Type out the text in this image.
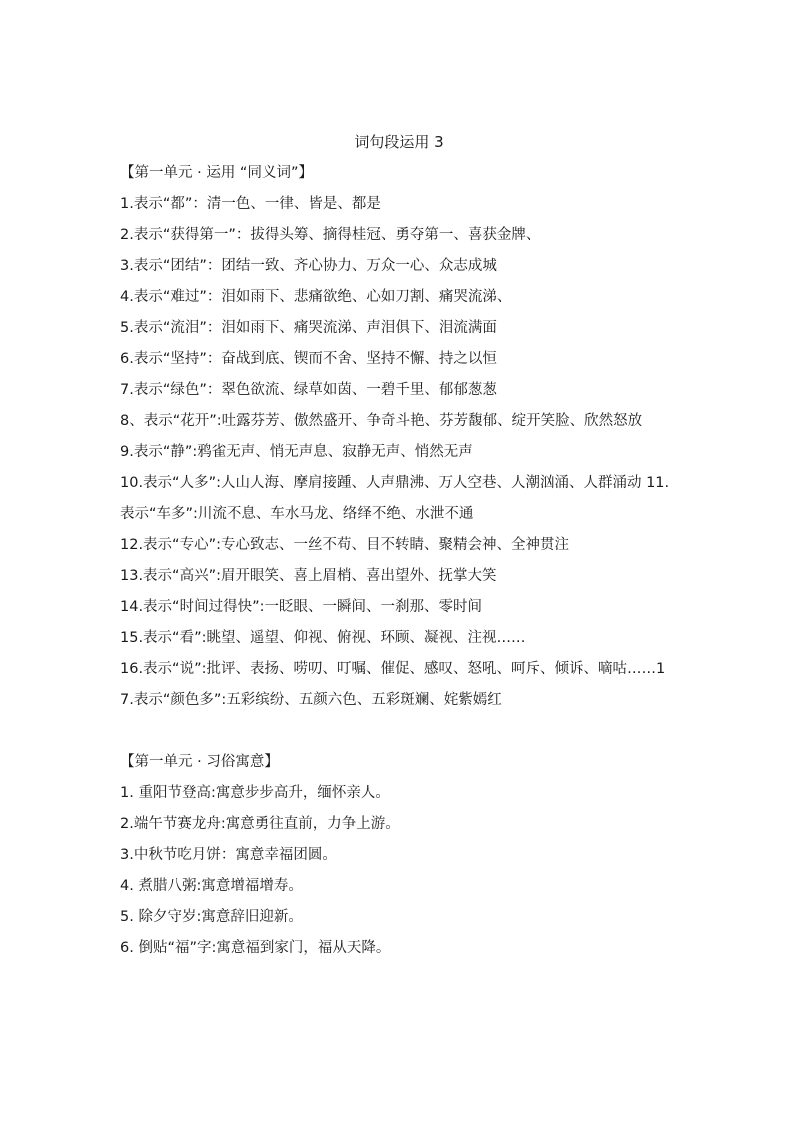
词句段运用 3
【第一单元 · 运用 “同义词”】
1.表示“都”：清一色、一律、皆是、都是
2.表示“获得第一”：拔得头筹、摘得桂冠、勇夺第一、喜获金牌、
3.表示“团结”：团结一致、齐心协力、万众一心、众志成城
4.表示“难过”：泪如雨下、悲痛欲绝、心如刀割、痛哭流涕、
5.表示“流泪”：泪如雨下、痛哭流涕、声泪俱下、泪流满面
6.表示“坚持”：奋战到底、锲而不舍、坚持不懈、持之以恒
7.表示“绿色”：翠色欲流、绿草如茵、一碧千里、郁郁葱葱
8、表示“花开”:吐露芬芳、傲然盛开、争奇斗艳、芬芳馥郁、绽开笑脸、欣然怒放
9.表示“静”:鸦雀无声、悄无声息、寂静无声、悄然无声
10.表示“人多”:人山人海、摩肩接踵、人声鼎沸、万人空巷、人潮汹涌、人群涌动 11.表示“车多”:川流不息、车水马龙、络绎不绝、水泄不通
12.表示“专心”:专心致志、一丝不苟、目不转睛、聚精会神、全神贯注
13.表示“高兴”:眉开眼笑、喜上眉梢、喜出望外、抚掌大笑
14.表示“时间过得快”:一眨眼、一瞬间、一刹那、零时间
15.表示“看”:眺望、遥望、仰视、俯视、环顾、凝视、注视……
16.表示“说”:批评、表扬、唠叨、叮嘱、催促、感叹、怒吼、呵斥、倾诉、嘀咕……17.表示“颜色多”:五彩缤纷、五颜六色、五彩斑斓、姹紫嫣红
【第一单元 · 习俗寓意】
1. 重阳节登高:寓意步步高升，缅怀亲人。
2.端午节赛龙舟:寓意勇往直前，力争上游。
3.中秋节吃月饼：寓意幸福团圆。
4. 煮腊八粥:寓意增福增寿。
5. 除夕守岁:寓意辞旧迎新。
6. 倒贴“福”字:寓意福到家门，福从天降。
